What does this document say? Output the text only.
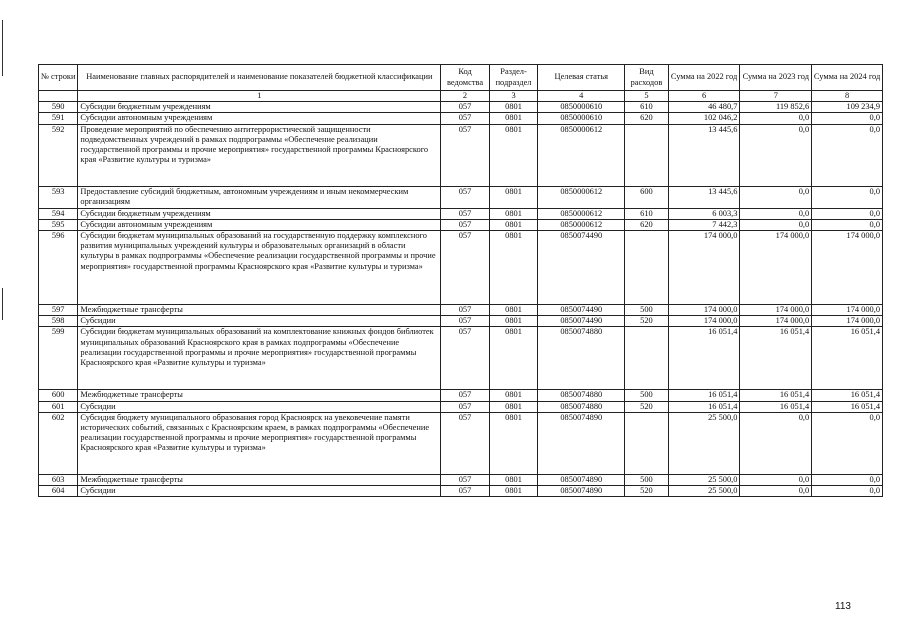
№ строки	Наименование главных распорядителей и наименование показателей бюджетной классификации	Код ведомства	Раздел-подраздел	Целевая статья	Вид расходов	Сумма на 2022 год	Сумма на 2023 год	Сумма на 2024 год
	1	2	3	4	5	6	7	8
590	Субсидии бюджетным учреждениям	057	0801	0850000610	610	46 480,7	119 852,6	109 234,9
591	Субсидии автономным учреждениям	057	0801	0850000610	620	102 046,2	0,0	0,0
592	Проведение мероприятий по обеспечению антитеррористической защищенности подведомственных учреждений в рамках подпрограммы «Обеспечение реализации государственной программы и прочие мероприятия» государственной программы Красноярского края «Развитие культуры и туризма»	057	0801	0850000612		13 445,6	0,0	0,0
593	Предоставление субсидий бюджетным, автономным учреждениям и иным некоммерческим организациям	057	0801	0850000612	600	13 445,6	0,0	0,0
594	Субсидии бюджетным учреждениям	057	0801	0850000612	610	6 003,3	0,0	0,0
595	Субсидии автономным учреждениям	057	0801	0850000612	620	7 442,3	0,0	0,0
596	Субсидии бюджетам муниципальных образований на государственную поддержку комплексного развития муниципальных учреждений культуры и образовательных организаций в области культуры в рамках подпрограммы «Обеспечение реализации государственной программы и прочие мероприятия» государственной программы Красноярского края «Развитие культуры и туризма»	057	0801	0850074490		174 000,0	174 000,0	174 000,0
597	Межбюджетные трансферты	057	0801	0850074490	500	174 000,0	174 000,0	174 000,0
598	Субсидии	057	0801	0850074490	520	174 000,0	174 000,0	174 000,0
599	Субсидии бюджетам муниципальных образований на комплектование книжных фондов библиотек муниципальных образований Красноярского края в рамках подпрограммы «Обеспечение реализации государственной программы и прочие мероприятия» государственной программы Красноярского края «Развитие культуры и туризма»	057	0801	0850074880		16 051,4	16 051,4	16 051,4
600	Межбюджетные трансферты	057	0801	0850074880	500	16 051,4	16 051,4	16 051,4
601	Субсидии	057	0801	0850074880	520	16 051,4	16 051,4	16 051,4
602	Субсидия бюджету муниципального образования город Красноярск на увековечение памяти исторических событий, связанных с Красноярским краем, в рамках подпрограммы «Обеспечение реализации государственной программы и прочие мероприятия» государственной программы Красноярского края «Развитие культуры и туризма»	057	0801	0850074890		25 500,0	0,0	0,0
603	Межбюджетные трансферты	057	0801	0850074890	500	25 500,0	0,0	0,0
604	Субсидии	057	0801	0850074890	520	25 500,0	0,0	0,0
113
